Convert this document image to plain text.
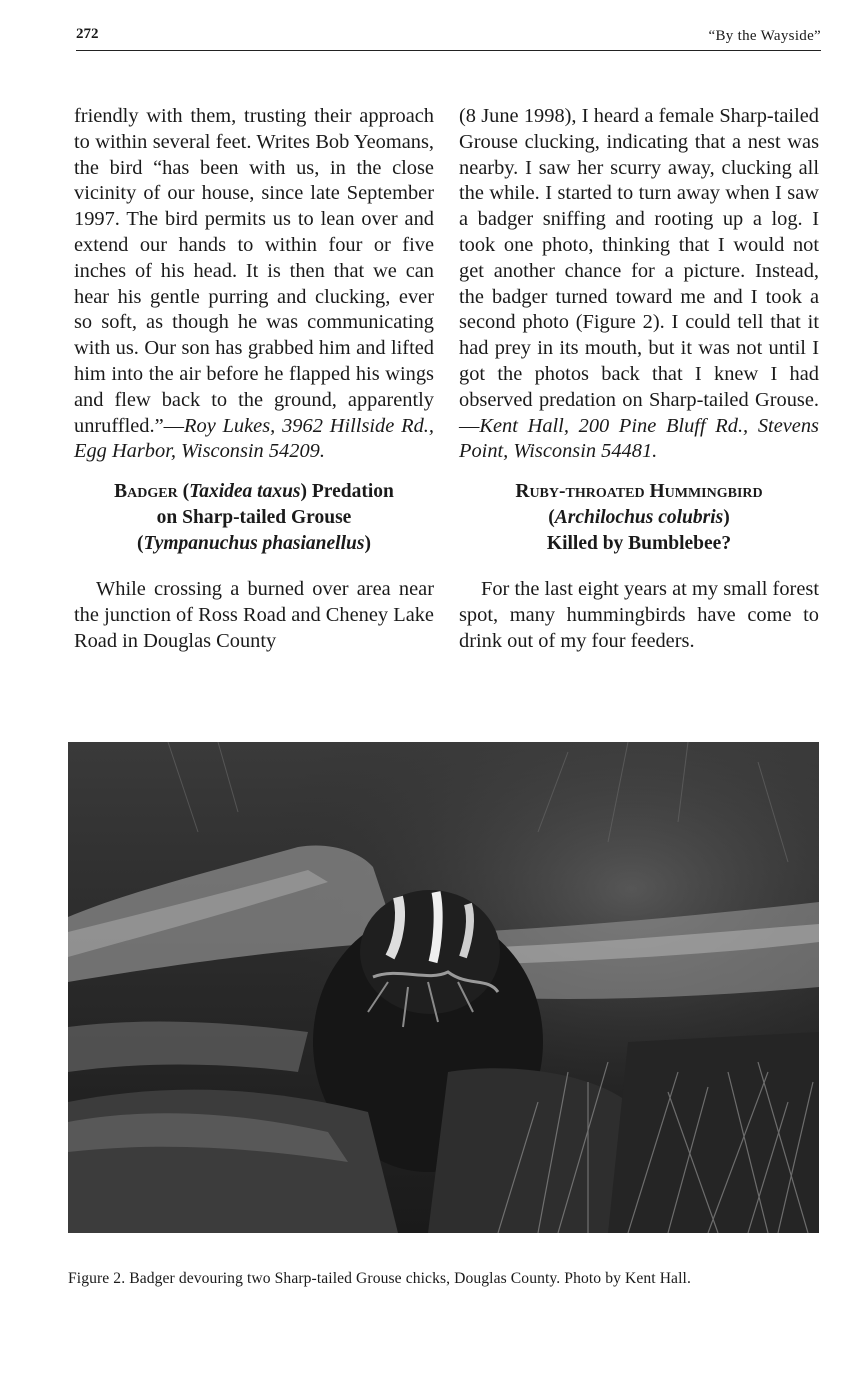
272	“By the Wayside”

friendly with them, trusting their approach to within several feet. Writes Bob Yeomans, the bird “has been with us, in the close vicinity of our house, since late September 1997. The bird permits us to lean over and extend our hands to within four or five inches of his head. It is then that we can hear his gentle purring and clucking, ever so soft, as though he was communicating with us. Our son has grabbed him and lifted him into the air before he flapped his wings and flew back to the ground, apparently unruffled.”—Roy Lukes, 3962 Hillside Rd., Egg Harbor, Wisconsin 54209.

Badger (Taxidea taxus) Predation
on Sharp-tailed Grouse
(Tympanuchus phasianellus)

While crossing a burned over area near the junction of Ross Road and Cheney Lake Road in Douglas County

(8 June 1998), I heard a female Sharp-tailed Grouse clucking, indicating that a nest was nearby. I saw her scurry away, clucking all the while. I started to turn away when I saw a badger sniffing and rooting up a log. I took one photo, thinking that I would not get another chance for a picture. Instead, the badger turned toward me and I took a second photo (Figure 2). I could tell that it had prey in its mouth, but it was not until I got the photos back that I knew I had observed predation on Sharp-tailed Grouse.—Kent Hall, 200 Pine Bluff Rd., Stevens Point, Wisconsin 54481.

Ruby-throated Hummingbird
(Archilochus colubris)
Killed by Bumblebee?

For the last eight years at my small forest spot, many hummingbirds have come to drink out of my four feeders.

Figure 2. Badger devouring two Sharp-tailed Grouse chicks, Douglas County. Photo by Kent Hall.
